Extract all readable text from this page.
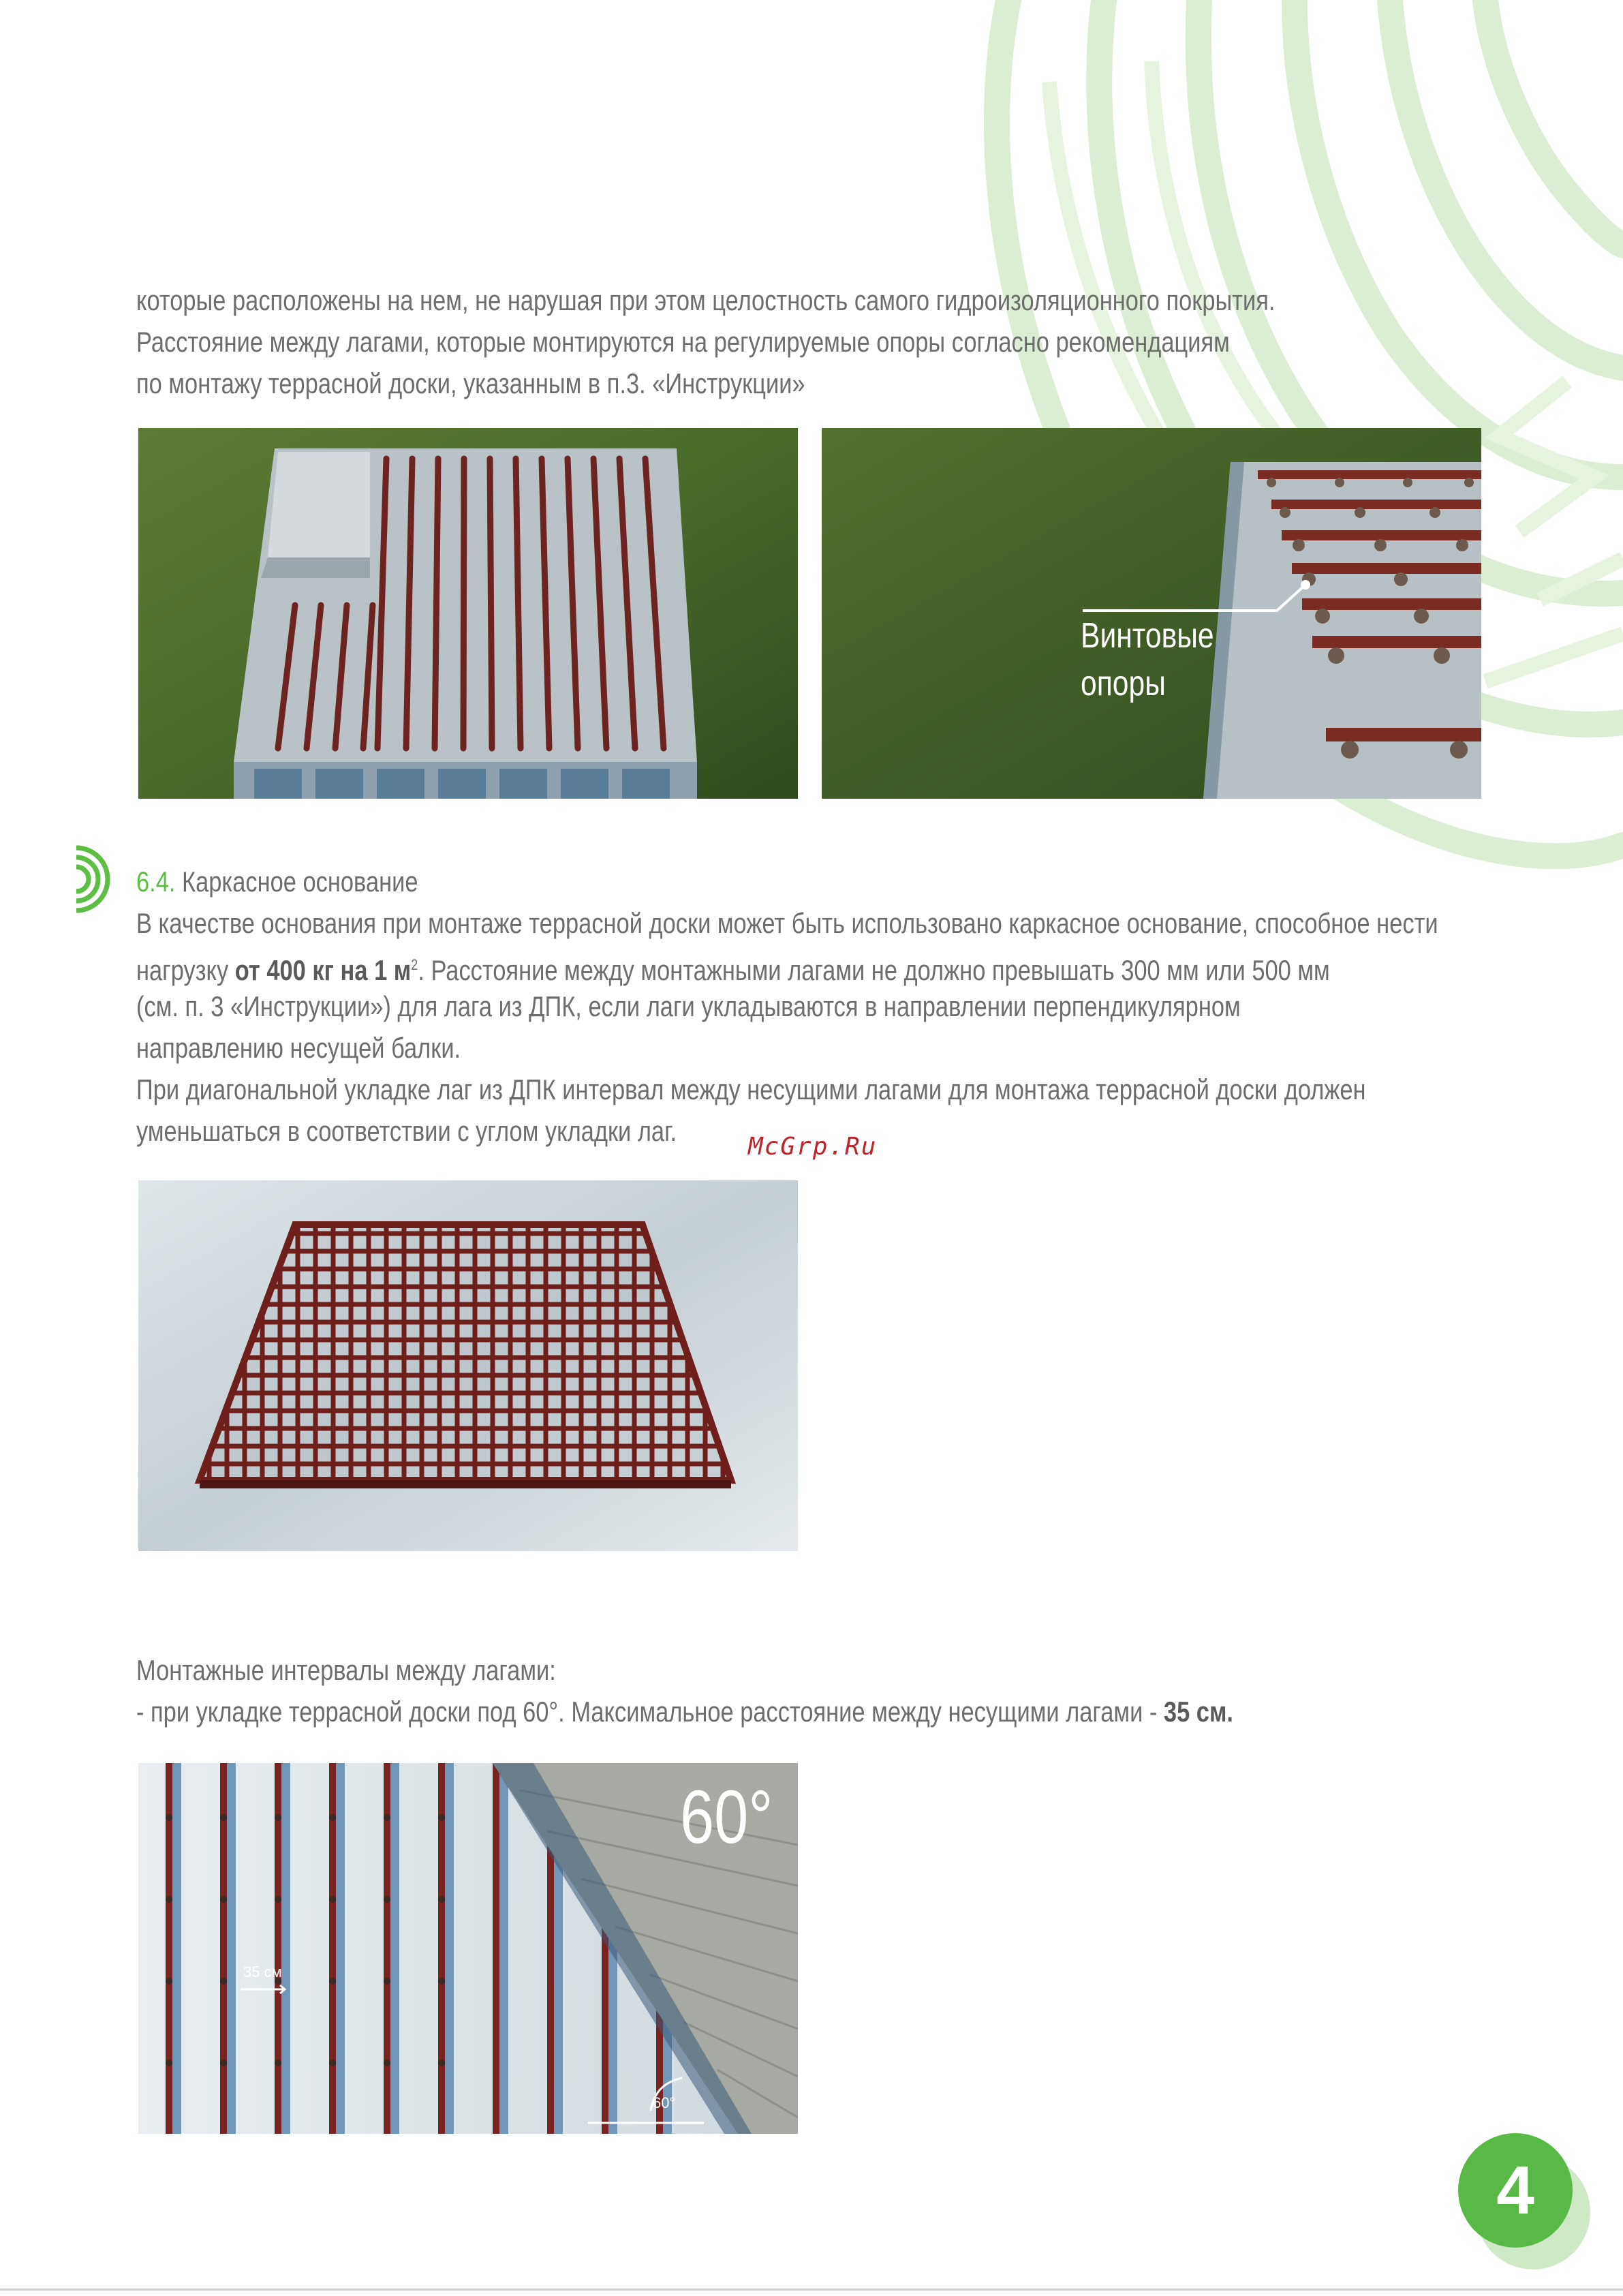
которые расположены на нем, не нарушая при этом целостность самого гидроизоляционного покрытия.
Расстояние между лагами, которые монтируются на регулируемые опоры согласно рекомендациям
по монтажу террасной доски, указанным в п.3. «Инструкции»
Винтовые
опоры
6.4. Каркасное основание
В качестве основания при монтаже террасной доски может быть использовано каркасное основание, способное нести
нагрузку от 400 кг на 1 $м^2$. Расстояние между монтажными лагами не должно превышать 300 мм или 500 мм
(см. п. 3 «Инструкции») для лага из ДПК, если лаги укладываются в направлении перпендикулярном
направлению несущей балки.
При диагональной укладке лаг из ДПК интервал между несущими лагами для монтажа террасной доски должен
уменьшаться в соответствии с углом укладки лаг.	McGrp.Ru
Монтажные интервалы между лагами:
- при укладке террасной доски под 60°. Максимальное расстояние между несущими лагами - 35 см.
60°
35 см
60°
4
